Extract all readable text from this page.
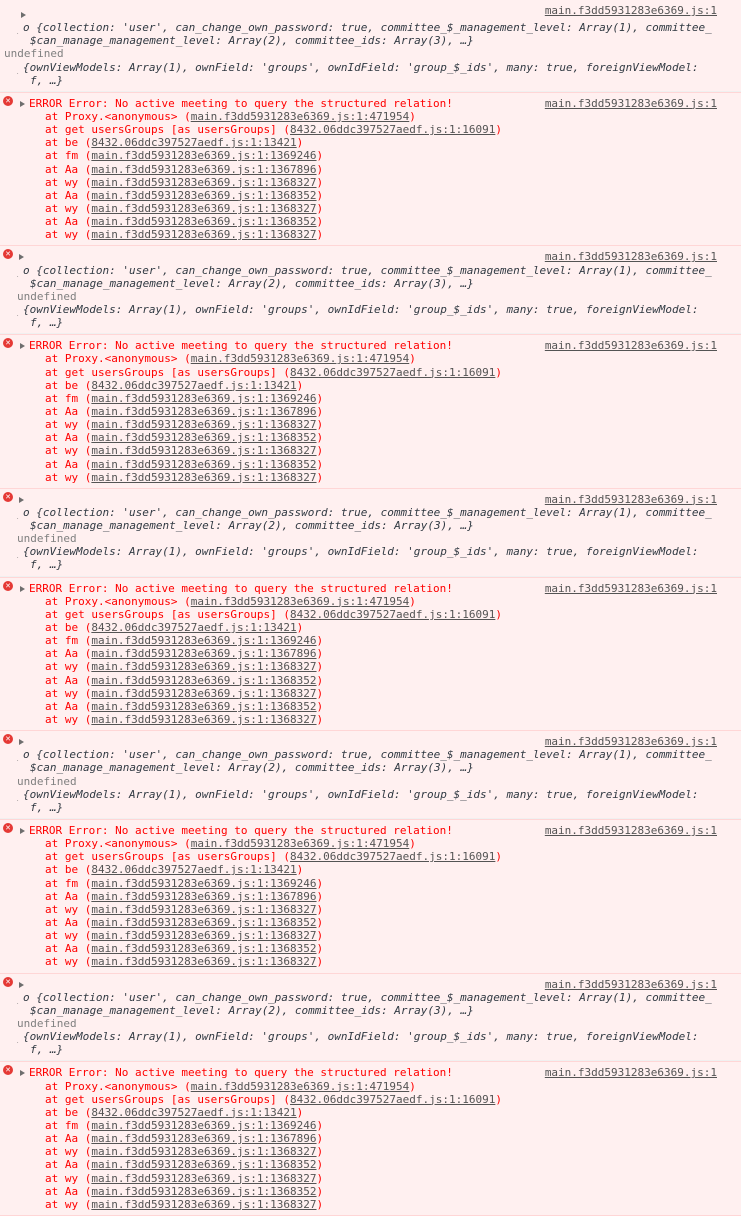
main.f3dd5931283e6369.js:1
o {collection: 'user', can_change_own_password: true, committee_$_management_level: Array(1), committee_
$can_manage_management_level: Array(2), committee_ids: Array(3), …}
undefined
{ownViewModels: Array(1), ownField: 'groups', ownIdField: 'group_$_ids', many: true, foreignViewModel:
f, …}
✕	main.f3dd5931283e6369.js:1
ERROR Error: No active meeting to query the structured relation!
at Proxy.<anonymous> (main.f3dd5931283e6369.js:1:471954)
at get usersGroups [as usersGroups] (8432.06ddc397527aedf.js:1:16091)
at be (8432.06ddc397527aedf.js:1:13421)
at fm (main.f3dd5931283e6369.js:1:1369246)
at Aa (main.f3dd5931283e6369.js:1:1367896)
at wy (main.f3dd5931283e6369.js:1:1368327)
at Aa (main.f3dd5931283e6369.js:1:1368352)
at wy (main.f3dd5931283e6369.js:1:1368327)
at Aa (main.f3dd5931283e6369.js:1:1368352)
at wy (main.f3dd5931283e6369.js:1:1368327)
✕	main.f3dd5931283e6369.js:1
o {collection: 'user', can_change_own_password: true, committee_$_management_level: Array(1), committee_
$can_manage_management_level: Array(2), committee_ids: Array(3), …}
undefined
{ownViewModels: Array(1), ownField: 'groups', ownIdField: 'group_$_ids', many: true, foreignViewModel:
f, …}
✕	main.f3dd5931283e6369.js:1
ERROR Error: No active meeting to query the structured relation!
at Proxy.<anonymous> (main.f3dd5931283e6369.js:1:471954)
at get usersGroups [as usersGroups] (8432.06ddc397527aedf.js:1:16091)
at be (8432.06ddc397527aedf.js:1:13421)
at fm (main.f3dd5931283e6369.js:1:1369246)
at Aa (main.f3dd5931283e6369.js:1:1367896)
at wy (main.f3dd5931283e6369.js:1:1368327)
at Aa (main.f3dd5931283e6369.js:1:1368352)
at wy (main.f3dd5931283e6369.js:1:1368327)
at Aa (main.f3dd5931283e6369.js:1:1368352)
at wy (main.f3dd5931283e6369.js:1:1368327)
✕	main.f3dd5931283e6369.js:1
o {collection: 'user', can_change_own_password: true, committee_$_management_level: Array(1), committee_
$can_manage_management_level: Array(2), committee_ids: Array(3), …}
undefined
{ownViewModels: Array(1), ownField: 'groups', ownIdField: 'group_$_ids', many: true, foreignViewModel:
f, …}
✕	main.f3dd5931283e6369.js:1
ERROR Error: No active meeting to query the structured relation!
at Proxy.<anonymous> (main.f3dd5931283e6369.js:1:471954)
at get usersGroups [as usersGroups] (8432.06ddc397527aedf.js:1:16091)
at be (8432.06ddc397527aedf.js:1:13421)
at fm (main.f3dd5931283e6369.js:1:1369246)
at Aa (main.f3dd5931283e6369.js:1:1367896)
at wy (main.f3dd5931283e6369.js:1:1368327)
at Aa (main.f3dd5931283e6369.js:1:1368352)
at wy (main.f3dd5931283e6369.js:1:1368327)
at Aa (main.f3dd5931283e6369.js:1:1368352)
at wy (main.f3dd5931283e6369.js:1:1368327)
✕	main.f3dd5931283e6369.js:1
o {collection: 'user', can_change_own_password: true, committee_$_management_level: Array(1), committee_
$can_manage_management_level: Array(2), committee_ids: Array(3), …}
undefined
{ownViewModels: Array(1), ownField: 'groups', ownIdField: 'group_$_ids', many: true, foreignViewModel:
f, …}
✕	main.f3dd5931283e6369.js:1
ERROR Error: No active meeting to query the structured relation!
at Proxy.<anonymous> (main.f3dd5931283e6369.js:1:471954)
at get usersGroups [as usersGroups] (8432.06ddc397527aedf.js:1:16091)
at be (8432.06ddc397527aedf.js:1:13421)
at fm (main.f3dd5931283e6369.js:1:1369246)
at Aa (main.f3dd5931283e6369.js:1:1367896)
at wy (main.f3dd5931283e6369.js:1:1368327)
at Aa (main.f3dd5931283e6369.js:1:1368352)
at wy (main.f3dd5931283e6369.js:1:1368327)
at Aa (main.f3dd5931283e6369.js:1:1368352)
at wy (main.f3dd5931283e6369.js:1:1368327)
✕	main.f3dd5931283e6369.js:1
o {collection: 'user', can_change_own_password: true, committee_$_management_level: Array(1), committee_
$can_manage_management_level: Array(2), committee_ids: Array(3), …}
undefined
{ownViewModels: Array(1), ownField: 'groups', ownIdField: 'group_$_ids', many: true, foreignViewModel:
f, …}
✕	main.f3dd5931283e6369.js:1
ERROR Error: No active meeting to query the structured relation!
at Proxy.<anonymous> (main.f3dd5931283e6369.js:1:471954)
at get usersGroups [as usersGroups] (8432.06ddc397527aedf.js:1:16091)
at be (8432.06ddc397527aedf.js:1:13421)
at fm (main.f3dd5931283e6369.js:1:1369246)
at Aa (main.f3dd5931283e6369.js:1:1367896)
at wy (main.f3dd5931283e6369.js:1:1368327)
at Aa (main.f3dd5931283e6369.js:1:1368352)
at wy (main.f3dd5931283e6369.js:1:1368327)
at Aa (main.f3dd5931283e6369.js:1:1368352)
at wy (main.f3dd5931283e6369.js:1:1368327)
